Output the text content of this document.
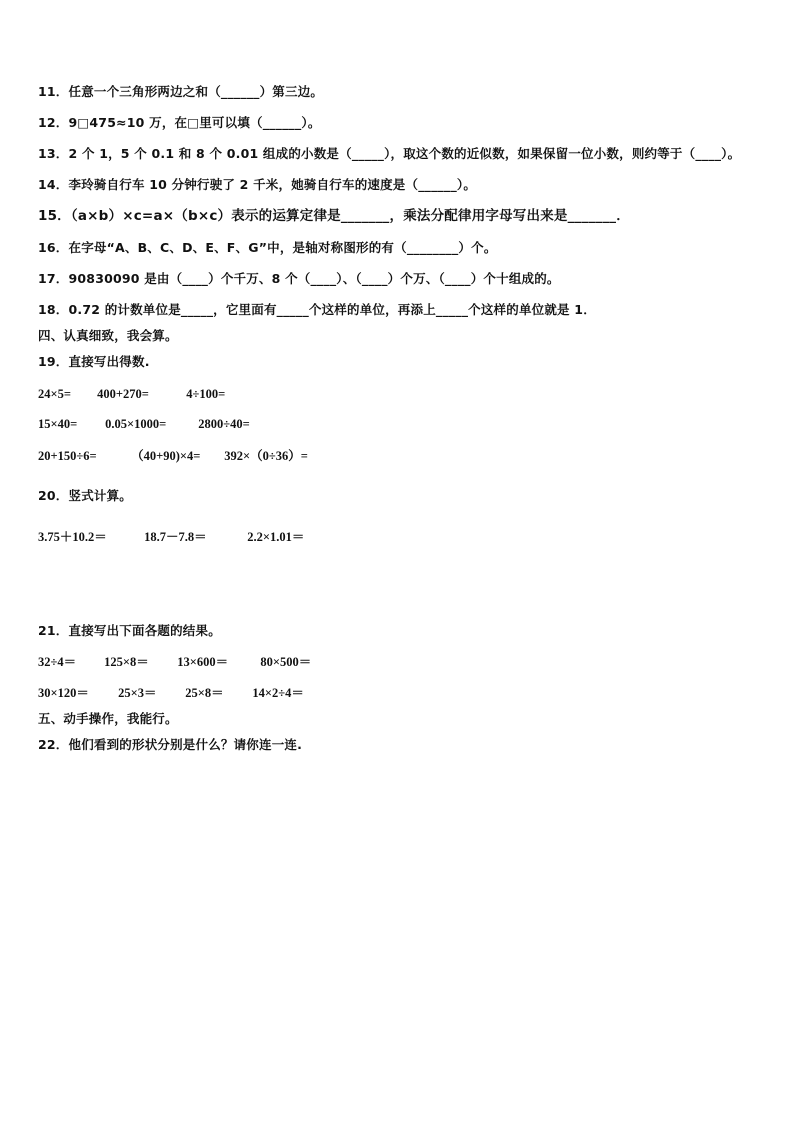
11．任意一个三角形两边之和（______）第三边。
12．9□475≈10 万，在□里可以填（______）。
13．2 个 1，5 个 0.1 和 8 个 0.01 组成的小数是（_____），取这个数的近似数，如果保留一位小数，则约等于（____）。
14．李玲骑自行车 10 分钟行驶了 2 千米，她骑自行车的速度是（______）。
15．（a×b）×c=a×（b×c）表示的运算定律是_______，乘法分配律用字母写出来是_______．
16．在字母“A、B、C、D、E、F、G”中，是轴对称图形的有（________）个。
17．90830090 是由（____）个千万、8 个（____）、（____）个万、（____）个十组成的。
18．0.72 的计数单位是_____，它里面有_____个这样的单位，再添上_____个这样的单位就是 1．
四、认真细致，我会算。
19．直接写出得数.
24×5= 400+270=	4÷100=
15×40= 0.05×1000=	2800÷40=
20+150÷6=	（40+90)×4= 392×（0÷36）=
20．竖式计算。
3.75＋10.2＝	18.7－7.8＝	2.2×1.01＝
21．直接写出下面各题的结果。
32÷4＝ 125×8＝ 13×600＝	80×500＝
30×120＝ 25×3＝ 25×8＝ 14×2÷4＝
五、动手操作，我能行。
22．他们看到的形状分别是什么？请你连一连.
